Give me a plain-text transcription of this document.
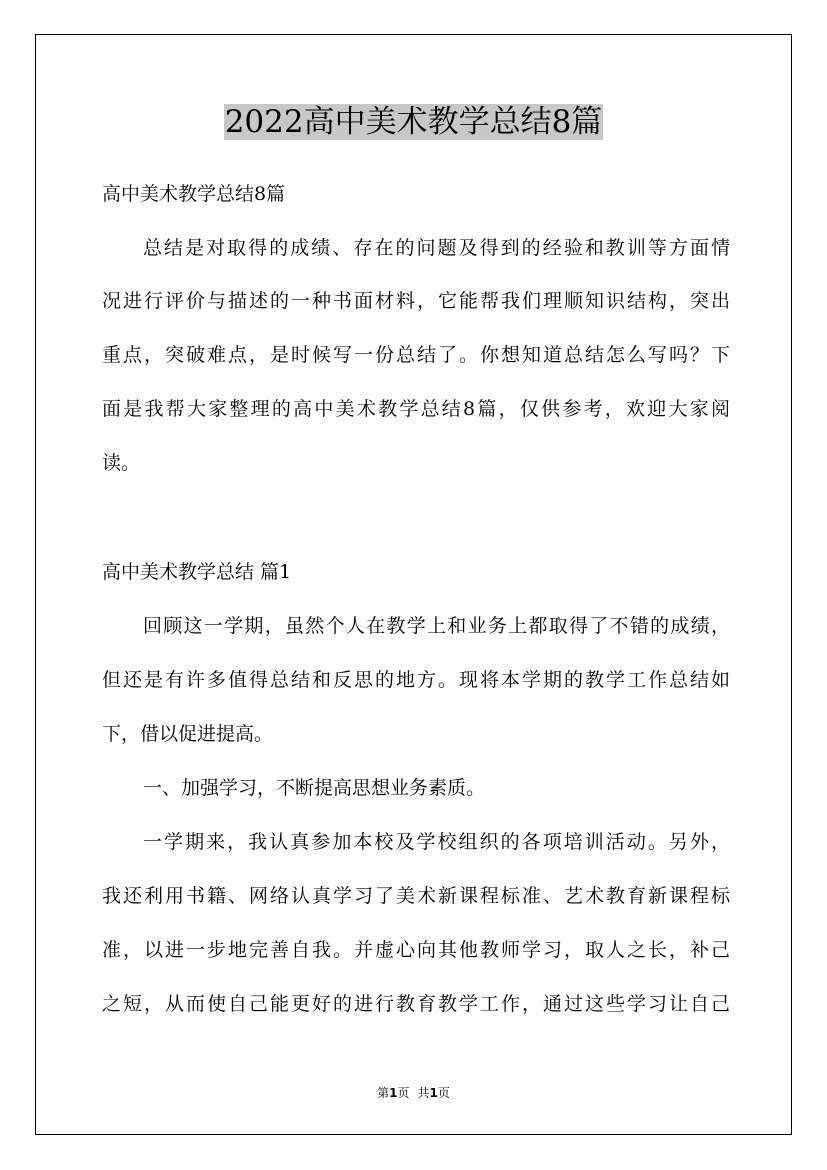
2022高中美术教学总结8篇

高中美术教学总结8篇

总结是对取得的成绩、存在的问题及得到的经验和教训等方面情

况进行评价与描述的一种书面材料，它能帮我们理顺知识结构，突出

重点，突破难点，是时候写一份总结了。你想知道总结怎么写吗？下

面是我帮大家整理的高中美术教学总结8篇，仅供参考，欢迎大家阅

读。

高中美术教学总结 篇1

回顾这一学期，虽然个人在教学上和业务上都取得了不错的成绩，

但还是有许多值得总结和反思的地方。现将本学期的教学工作总结如

下，借以促进提高。

一、加强学习，不断提高思想业务素质。

一学期来，我认真参加本校及学校组织的各项培训活动。另外，

我还利用书籍、网络认真学习了美术新课程标准、艺术教育新课程标

准，以进一步地完善自我。并虚心向其他教师学习，取人之长，补己

之短，从而使自己能更好的进行教育教学工作，通过这些学习让自己

第1页 共1页
